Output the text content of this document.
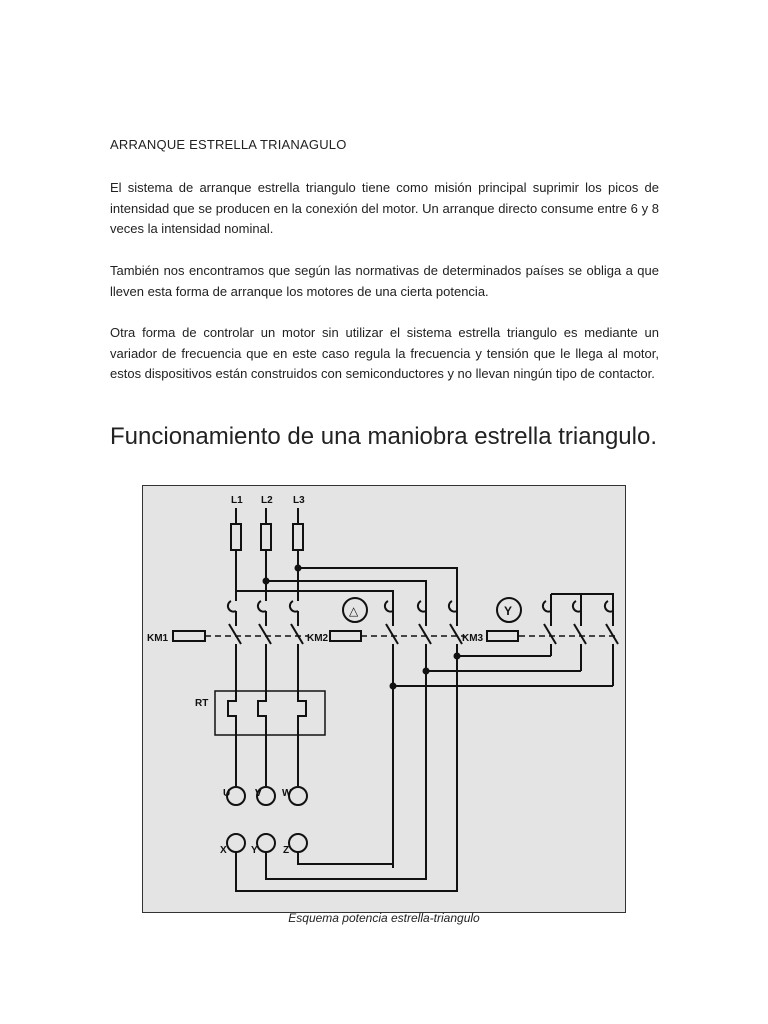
ARRANQUE ESTRELLA TRIANAGULO

El sistema de arranque estrella triangulo tiene como misión principal suprimir los picos de intensidad que se producen en la conexión del motor. Un arranque directo consume entre 6 y 8 veces la intensidad nominal.

También nos encontramos que según las normativas de determinados países se obliga a que lleven esta forma de arranque los motores de una cierta potencia.

Otra forma de controlar un motor sin utilizar el sistema estrella triangulo es mediante un variador de frecuencia que en este caso regula la frecuencia y tensión que le llega al motor, estos dispositivos están construidos con semiconductores y no llevan ningún tipo de contactor.

Funcionamiento de una maniobra estrella triangulo.
L1 L2 L3
KM1	KM2	KM3
RT
U V W
X Y	Z
△	Y

Esquema potencia estrella-triangulo
